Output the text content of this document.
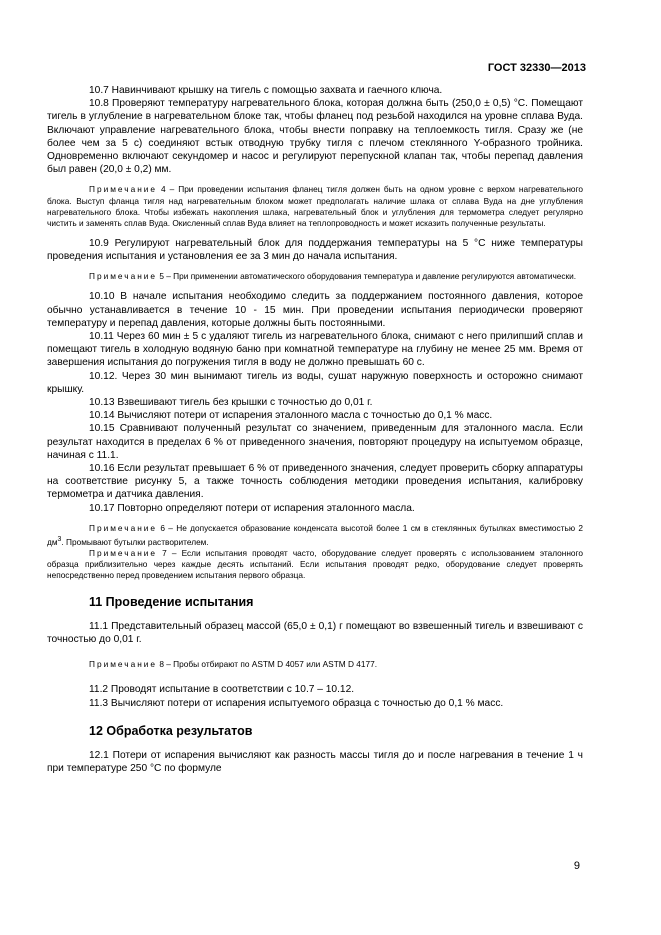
ГОСТ 32330—2013

10.7 Навинчивают крышку на тигель с помощью захвата и гаечного ключа.

10.8 Проверяют температуру нагревательного блока, которая должна быть (250,0 ± 0,5) °С. Помещают тигель в углубление в нагревательном блоке так, чтобы фланец под резьбой находился на уровне сплава Вуда. Включают управление нагревательного блока, чтобы внести поправку на теплоемкость тигля. Сразу же (не более чем за 5 с) соединяют встык отводную трубку тигля с плечом стеклянного Y-образного тройника. Одновременно включают секундомер и насос и регулируют перепускной клапан так, чтобы перепад давления был равен (20,0 ± 0,2) мм.

Примечание 4 – При проведении испытания фланец тигля должен быть на одном уровне с верхом нагревательного блока. Выступ фланца тигля над нагревательным блоком может предполагать наличие шлака от сплава Вуда на дне углубления нагревательного блока. Чтобы избежать накопления шлака, нагревательный блок и углубления для термометра следует регулярно чистить и заменять сплав Вуда. Окисленный сплав Вуда влияет на теплопроводность и может исказить полученные результаты.

10.9 Регулируют нагревательный блок для поддержания температуры на 5 °С ниже температуры проведения испытания и установления ее за 3 мин до начала испытания.

Примечание 5 – При применении автоматического оборудования температура и давление регулируются автоматически.

10.10 В начале испытания необходимо следить за поддержанием постоянного давления, которое обычно устанавливается в течение 10 - 15 мин. При проведении испытания периодически проверяют температуру и перепад давления, которые должны быть постоянными.

10.11 Через 60 мин ± 5 с удаляют тигель из нагревательного блока, снимают с него прилипший сплав и помещают тигель в холодную водяную баню при комнатной температуре на глубину не менее 25 мм. Время от завершения испытания до погружения тигля в воду не должно превышать 60 с.

10.12. Через 30 мин вынимают тигель из воды, сушат наружную поверхность и осторожно снимают крышку.

10.13 Взвешивают тигель без крышки с точностью до 0,01 г.

10.14 Вычисляют потери от испарения эталонного масла с точностью до 0,1 % масс.

10.15 Сравнивают полученный результат со значением, приведенным для эталонного масла. Если результат находится в пределах 6 % от приведенного значения, повторяют процедуру на испытуемом образце, начиная с 11.1.

10.16 Если результат превышает 6 % от приведенного значения, следует проверить сборку аппаратуры на соответствие рисунку 5, а также точность соблюдения методики проведения испытания, калибровку термометра и датчика давления.

10.17 Повторно определяют потери от испарения эталонного масла.

Примечание 6 – Не допускается образование конденсата высотой более 1 см в стеклянных бутылках вместимостью 2 $дм^3$. Промывают бутылки растворителем.

Примечание 7 – Если испытания проводят часто, оборудование следует проверять с использованием эталонного образца приблизительно через каждые десять испытаний. Если испытания проводят редко, оборудование следует проверять непосредственно перед проведением испытания первого образца.

11 Проведение испытания

11.1 Представительный образец массой (65,0 ± 0,1) г помещают во взвешенный тигель и взвешивают с точностью до 0,01 г.

Примечание 8 – Пробы отбирают по ASTM D 4057 или ASTM D 4177.

11.2 Проводят испытание в соответствии с 10.7 – 10.12.

11.3 Вычисляют потери от испарения испытуемого образца с точностью до 0,1 % масс.

12 Обработка результатов

12.1 Потери от испарения вычисляют как разность массы тигля до и после нагревания в течение 1 ч при температуре 250 °С по формуле

9
